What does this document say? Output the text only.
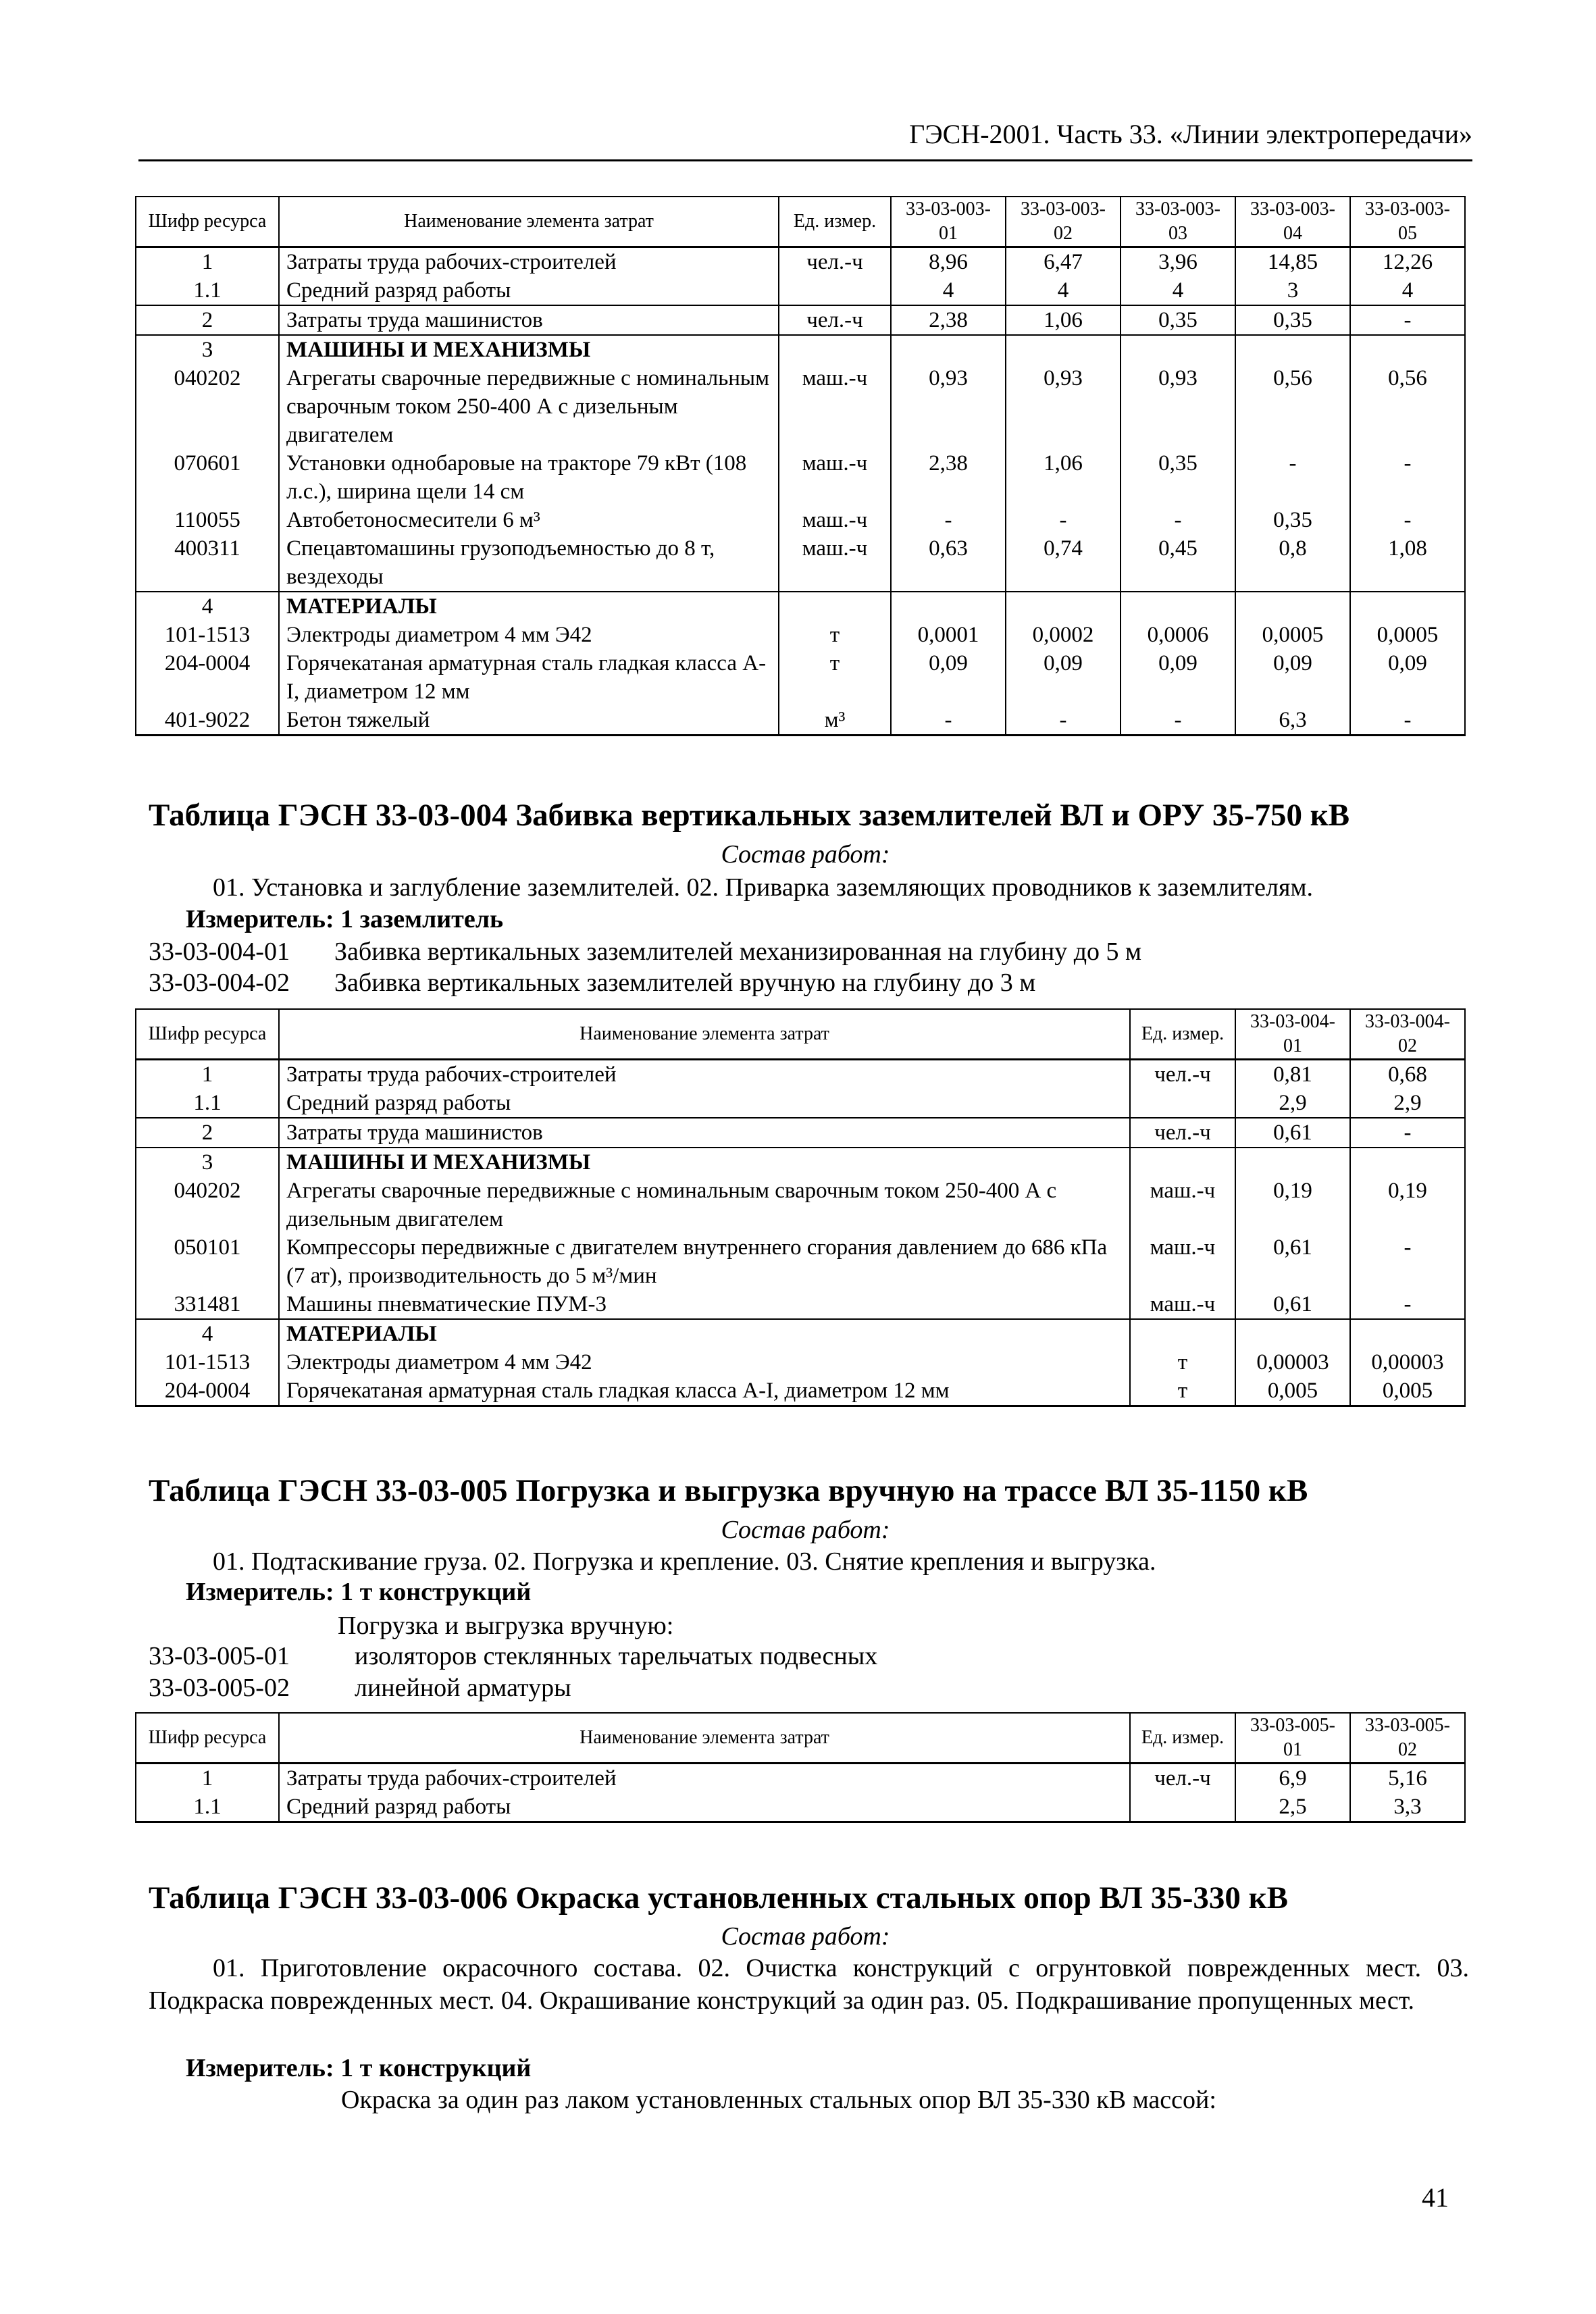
ГЭСН-2001. Часть 33. «Линии электропередачи»
Шифр ресурса	Наименование элемента затрат	Ед. измер.	33-03-003-01	33-03-003-02	33-03-003-03	33-03-003-04	33-03-003-05
1	Затраты труда рабочих-строителей	чел.-ч	8,96	6,47	3,96	14,85	12,26
1.1	Средний разряд работы		4	4	4	3	4
2	Затраты труда машинистов	чел.-ч	2,38	1,06	0,35	0,35	-
3	МАШИНЫ И МЕХАНИЗМЫ						
040202	Агрегаты сварочные передвижные с номинальным сварочным током 250-400 А с дизельным двигателем	маш.-ч	0,93	0,93	0,93	0,56	0,56
070601	Установки однобаровые на тракторе 79 кВт (108 л.с.), ширина щели 14 см	маш.-ч	2,38	1,06	0,35	-	-
110055	Автобетоносмесители 6 м³	маш.-ч	-	-	-	0,35	-
400311	Спецавтомашины грузоподъемностью до 8 т, вездеходы	маш.-ч	0,63	0,74	0,45	0,8	1,08
4	МАТЕРИАЛЫ						
101-1513	Электроды диаметром 4 мм Э42	т	0,0001	0,0002	0,0006	0,0005	0,0005
204-0004	Горячекатаная арматурная сталь гладкая класса А-I, диаметром 12 мм	т	0,09	0,09	0,09	0,09	0,09
401-9022	Бетон тяжелый	м³	-	-	-	6,3	-
Таблица ГЭСН 33-03-004 Забивка вертикальных заземлителей ВЛ и ОРУ 35-750 кВ
Состав работ:
01. Установка и заглубление заземлителей. 02. Приварка заземляющих проводников к заземлителям.
Измеритель: 1 заземлитель
33-03-004-01 Забивка вертикальных заземлителей механизированная на глубину до 5 м
33-03-004-02 Забивка вертикальных заземлителей вручную на глубину до 3 м
Шифр ресурса	Наименование элемента затрат	Ед. измер.	33-03-004-01	33-03-004-02
1	Затраты труда рабочих-строителей	чел.-ч	0,81	0,68
1.1	Средний разряд работы		2,9	2,9
2	Затраты труда машинистов	чел.-ч	0,61	-
3	МАШИНЫ И МЕХАНИЗМЫ			
040202	Агрегаты сварочные передвижные с номинальным сварочным током 250-400 А с дизельным двигателем	маш.-ч	0,19	0,19
050101	Компрессоры передвижные с двигателем внутреннего сгорания давлением до 686 кПа (7 ат), производительность до 5 м³/мин	маш.-ч	0,61	-
331481	Машины пневматические ПУМ-3	маш.-ч	0,61	-
4	МАТЕРИАЛЫ			
101-1513	Электроды диаметром 4 мм Э42	т	0,00003	0,00003
204-0004	Горячекатаная арматурная сталь гладкая класса А-I, диаметром 12 мм	т	0,005	0,005
Таблица ГЭСН 33-03-005 Погрузка и выгрузка вручную на трассе ВЛ 35-1150 кВ
Состав работ:
01. Подтаскивание груза. 02. Погрузка и крепление. 03. Снятие крепления и выгрузка.
Измеритель: 1 т конструкций
Погрузка и выгрузка вручную:
33-03-005-01	изоляторов стеклянных тарельчатых подвесных
33-03-005-02	линейной арматуры
Шифр ресурса	Наименование элемента затрат	Ед. измер.	33-03-005-01	33-03-005-02
1	Затраты труда рабочих-строителей	чел.-ч	6,9	5,16
1.1	Средний разряд работы		2,5	3,3
Таблица ГЭСН 33-03-006 Окраска установленных стальных опор ВЛ 35-330 кВ
Состав работ:
01. Приготовление окрасочного состава. 02. Очистка конструкций с огрунтовкой поврежденных мест. 03. Подкраска поврежденных мест. 04. Окрашивание конструкций за один раз. 05. Подкрашивание пропущенных мест.
Измеритель: 1 т конструкций
Окраска за один раз лаком установленных стальных опор ВЛ 35-330 кВ массой:
41
